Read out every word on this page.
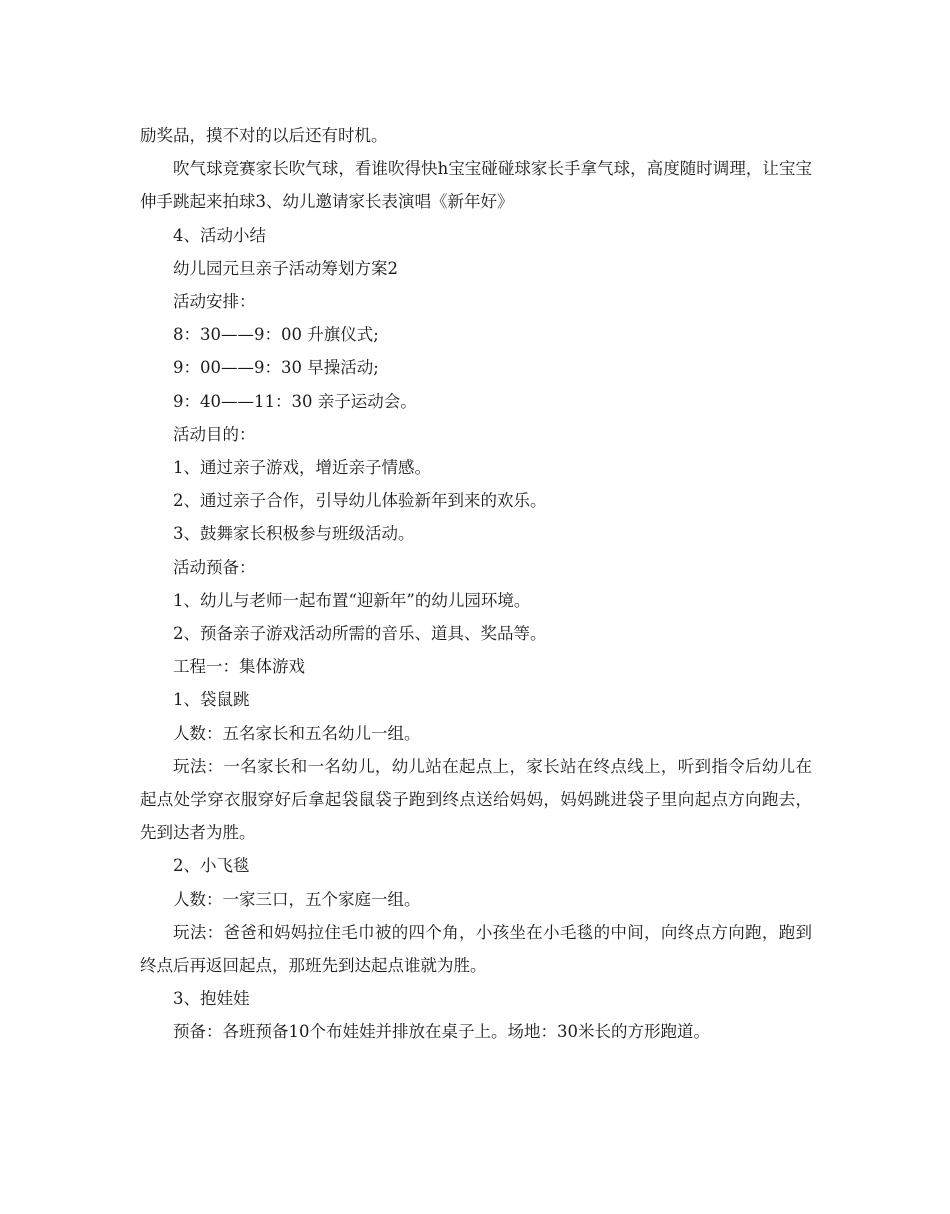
励奖品，摸不对的以后还有时机。

吹气球竞赛家长吹气球，看谁吹得快h宝宝碰碰球家长手拿气球，高度随时调理，让宝宝伸手跳起来拍球3、幼儿邀请家长表演唱《新年好》

4、活动小结

幼儿园元旦亲子活动筹划方案2

活动安排：

8：30——9：00 升旗仪式;

9：00——9：30 早操活动;

9：40——11：30 亲子运动会。

活动目的：

1、通过亲子游戏，增近亲子情感。

2、通过亲子合作，引导幼儿体验新年到来的欢乐。

3、鼓舞家长积极参与班级活动。

活动预备：

1、幼儿与老师一起布置“迎新年”的幼儿园环境。

2、预备亲子游戏活动所需的音乐、道具、奖品等。

工程一：集体游戏

1、袋鼠跳

人数：五名家长和五名幼儿一组。

玩法：一名家长和一名幼儿，幼儿站在起点上，家长站在终点线上，听到指令后幼儿在起点处学穿衣服穿好后拿起袋鼠袋子跑到终点送给妈妈，妈妈跳进袋子里向起点方向跑去，先到达者为胜。

2、小飞毯

人数：一家三口，五个家庭一组。

玩法：爸爸和妈妈拉住毛巾被的四个角，小孩坐在小毛毯的中间，向终点方向跑，跑到终点后再返回起点，那班先到达起点谁就为胜。

3、抱娃娃

预备：各班预备10个布娃娃并排放在桌子上。场地：30米长的方形跑道。
